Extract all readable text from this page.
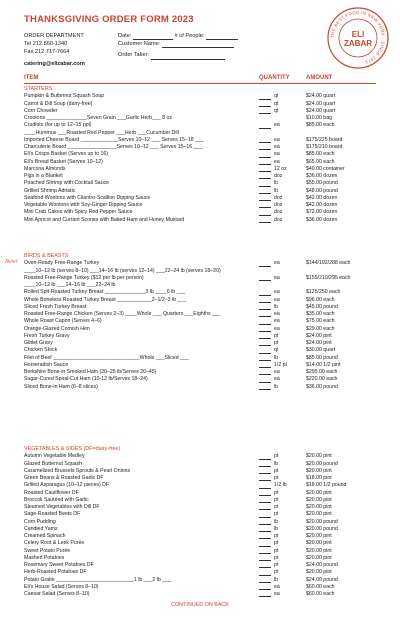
THANKSGIVING ORDER FORM 2023
ORDER DEPARTMENT
Tel 212.860-1340
Fax 212.717-7664
catering@elizabar.com
Date:	# of People:
Customer Name:
Order Taker:
THE BEST FOOD IN NEW YORK · SINCE 1973 ·
ELI
ZABAR
ITEM	QUANTITY	AMOUNT
STARTERS
Pumpkin & Butternut Squash Soup	qt	$24.00 quart
Carrot & Dill Soup (dairy-free)	qt	$24.00 quart
Corn Chowder	qt	$24.00 quart
Croutons ______________Seven Grain ___Garlic Herb___ 8 oz	$10.00 bag
Crudités (for up to 12–15 ppl)	ea	$85.00 each
____Hummus ___Roasted Red Pepper ___Herb ___Cucumber Dill
Imported Cheese Board _____________Serves 10–12 ___ Serves 15–18 ___	ea	$175/225 board
Charcuterie Board _________________Serves 10–12 ___ Serves 15–16 ___	ea	$175/210 board
Eli's Crisps Basket (Serves up to 16)	ea	$85.00 each
Eli's Bread Basket (Serves 10–12)	ea	$65.00 each
Marcona Almonds	12 oz	$40.00 container
Pigs in a Blanket	doz	$36.00 dozen
Poached Shrimp with Cocktail Sauce	lb	$55.00 pound
Grilled Shrimp Adriatic	lb	$48.00 pound
Seafood Wontons with Cilantro-Scallion Dipping Sauce	doz	$42.00 dozen
Vegetable Wontons with Soy-Ginger Dipping Sauce	doz	$42.00 dozen
Mini Crab Cakes with Spicy Red Pepper Sauce	doz	$72.00 dozen
Mini Apricot and Currant Scones with Baked Ham and Honey Mustard	doz	$36.00 dozen
BIRDS & BEASTS
New! Oven-Ready Free-Range Turkey	ea	$144/192/288 each
____10–12 lb (serves 8–10) ___14–16 lb (serves 12–14) ___22–24 lb (serves 18–20)
Roasted Free-Range Turkey ($12 per lb per person)	ea	$155/210/295 each
____10–12 lb ___14–16 lb ___22–24 lb
Rolled Spit-Roasted Turkey Breast ______________3 lb ____6 lb ___	ea	$125/250 each
Whole Boneless Roasted Turkey Breast ____________2–1/2–3 lb ___	ea	$96.00 each
Sliced Fresh Turkey Breast	lb	$45.00 pound
Roasted Free-Range Chicken (Serves 2–3) ____Whole ___ Quarters ___Eighths ___	ea	$35.00 each
Whole Roast Capon (Serves 4–6)	ea	$75.00 each
Orange-Glazed Cornish Hen	ea	$29.00 each
Fresh Turkey Gravy	pt	$24.00 pint
Giblet Gravy	pt	$24.00 pint
Chicken Stock	qt	$30.00 quart
Filet of Beef ______________________________Whole ___Sliced ___	lb	$85.00 pound
Horseradish Sauce	1/2 pt	$14.00 1/2 pint
Berkshire Bone-in Smoked Ham (20–25 lb/Serves 20–45)	ea	$295.00 each
Sugar-Cured Spiral-Cut Ham (10-12 lb/Serves 18–24)	ea	$220.00 each
Sliced Bone-in Ham (6–8 slices)	lb	$36.00 pound
VEGETABLES & SIDES (DF=dairy-free)
Autumn Vegetable Medley	pt	$20.00 pint
Glazed Butternut Squash	lb	$20.00 pound
Caramelized Brussels Sprouts & Pearl Onions	pt	$20.00 pint
Green Beans & Roasted Garlic DF	pt	$18.00 pint
Grilled Asparagus (10–12 pieces) DF	1/2 lb	$18.00 1/2 pound
Roasted Cauliflower DF	pt	$20.00 pint
Broccoli Sautéed with Garlic	pt	$20.00 pint
Steamed Vegetables with Dill DF	pt	$20.00 pint
Sage-Roasted Beets DF	pt	$20.00 pint
Corn Pudding	lb	$20.00 pound
Candied Yams	lb	$20.00 pound
Creamed Spinach	pt	$20.00 pint
Celery Root & Leek Purée	pt	$20.00 pint
Sweet Potato Purée	pt	$20.00 pint
Mashed Potatoes	pt	$20.00 pint
Rosemary Sweet Potatoes DF	pt	$24.00 pound
Herb-Roasted Potatoes DF	pt	$20.00 pint
Potato Gratin ___________________________1 lb ___2 lb ___	lb	$24.00 pound
Eli's House Salad (Serves 8–10)	ea	$60.00 each
Caesar Salad (Serves 8–10)	ea	$60.00 each
CONTINUED ON BACK
